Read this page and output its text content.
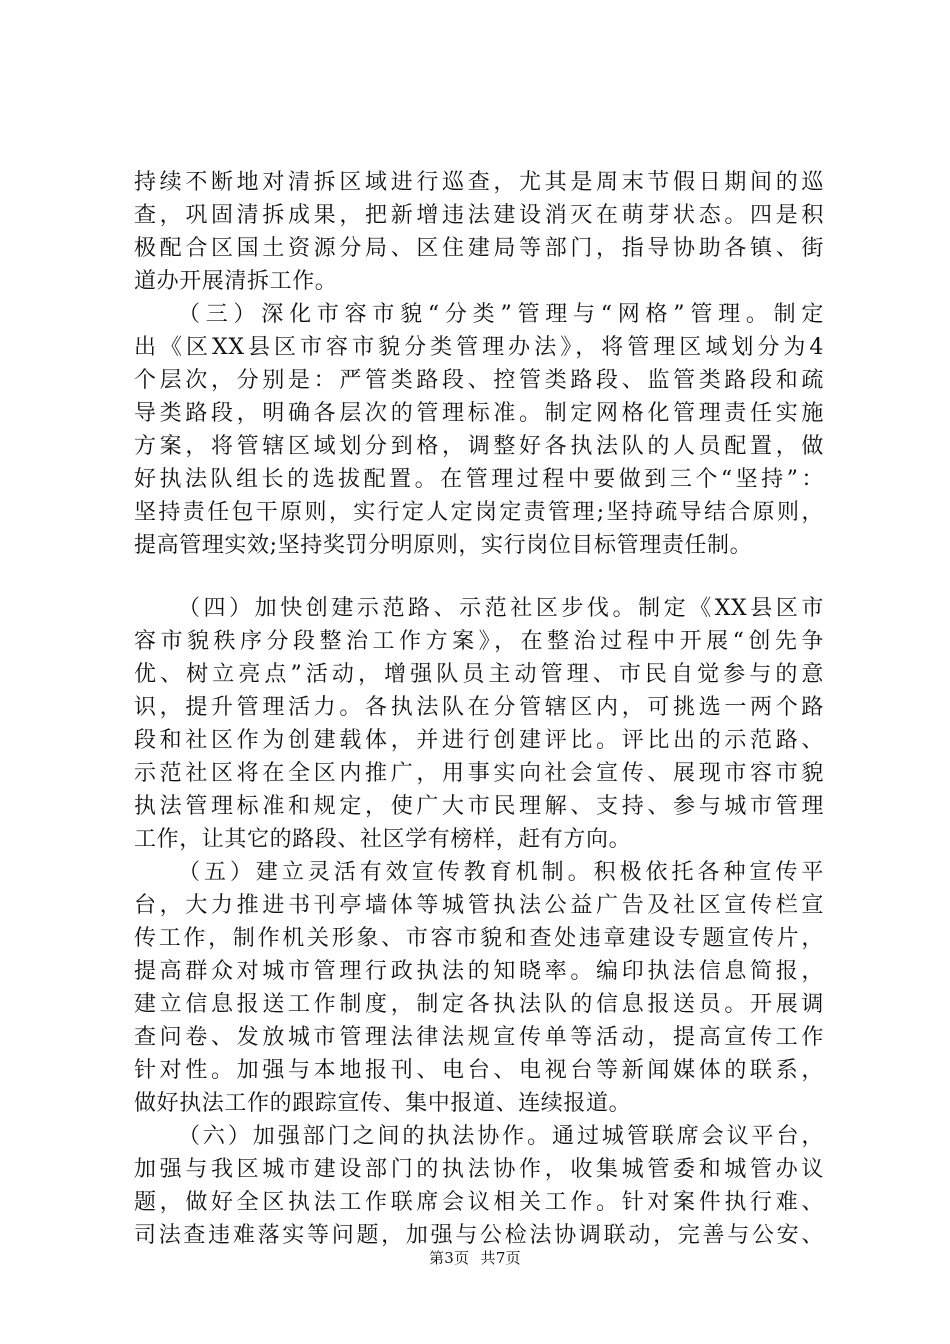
持续不断地对清拆区域进行巡查，尤其是周末节假日期间的巡
查，巩固清拆成果，把新增违法建设消灭在萌芽状态。四是积
极配合区国土资源分局、区住建局等部门，指导协助各镇、街
道办开展清拆工作。
（三）深化市容市貌“分类”管理与“网格”管理。制定
出《区XX县区市容市貌分类管理办法》，将管理区域划分为4
个层次，分别是：严管类路段、控管类路段、监管类路段和疏
导类路段，明确各层次的管理标准。制定网格化管理责任实施
方案，将管辖区域划分到格，调整好各执法队的人员配置，做
好执法队组长的选拔配置。在管理过程中要做到三个“坚持”：
坚持责任包干原则，实行定人定岗定责管理;坚持疏导结合原则，
提高管理实效;坚持奖罚分明原则，实行岗位目标管理责任制。
（四）加快创建示范路、示范社区步伐。制定《XX县区市
容市貌秩序分段整治工作方案》，在整治过程中开展“创先争
优、树立亮点”活动，增强队员主动管理、市民自觉参与的意
识，提升管理活力。各执法队在分管辖区内，可挑选一两个路
段和社区作为创建载体，并进行创建评比。评比出的示范路、
示范社区将在全区内推广，用事实向社会宣传、展现市容市貌
执法管理标准和规定，使广大市民理解、支持、参与城市管理
工作，让其它的路段、社区学有榜样，赶有方向。
（五）建立灵活有效宣传教育机制。积极依托各种宣传平
台，大力推进书刊亭墙体等城管执法公益广告及社区宣传栏宣
传工作，制作机关形象、市容市貌和查处违章建设专题宣传片，
提高群众对城市管理行政执法的知晓率。编印执法信息简报，
建立信息报送工作制度，制定各执法队的信息报送员。开展调
查问卷、发放城市管理法律法规宣传单等活动，提高宣传工作
针对性。加强与本地报刊、电台、电视台等新闻媒体的联系，
做好执法工作的跟踪宣传、集中报道、连续报道。
（六）加强部门之间的执法协作。通过城管联席会议平台，
加强与我区城市建设部门的执法协作，收集城管委和城管办议
题，做好全区执法工作联席会议相关工作。针对案件执行难、
司法查违难落实等问题，加强与公检法协调联动，完善与公安、
第3页 共7页
